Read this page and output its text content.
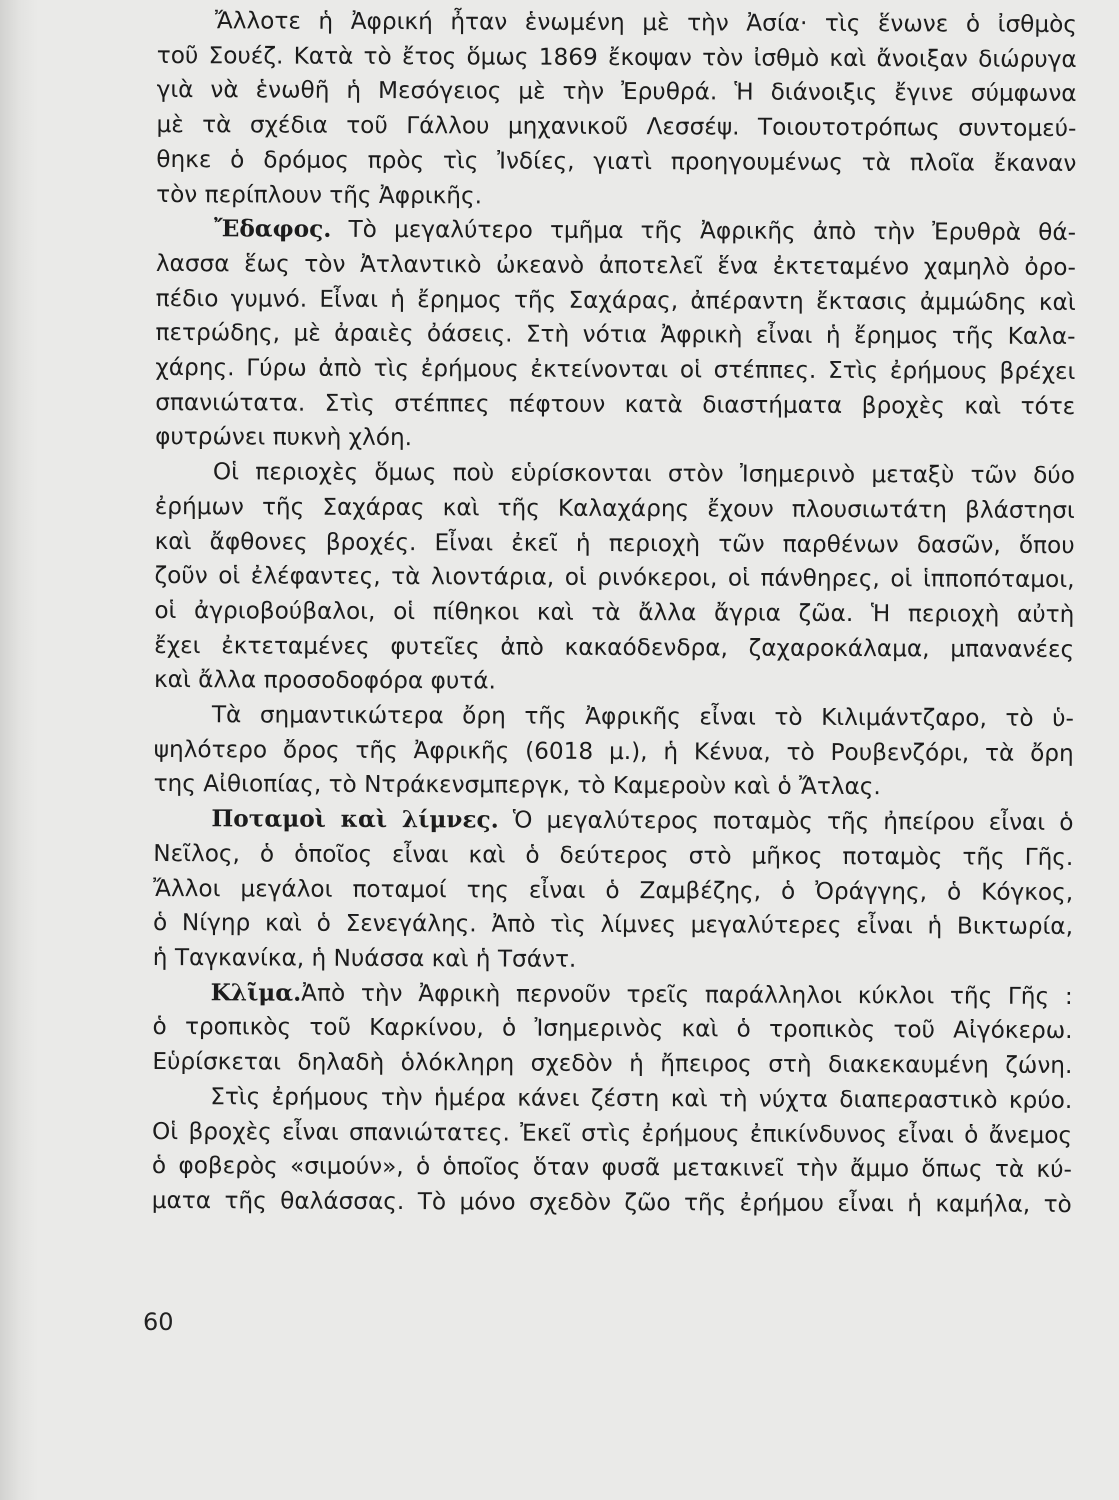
Ἄλλοτε ἡ Ἀφρική ἦταν ἑνωμένη μὲ τὴν Ἀσία· τὶς ἕνωνε ὁ ἰσθμὸς
τοῦ Σουέζ. Κατὰ τὸ ἔτος ὅμως 1869 ἔκοψαν τὸν ἰσθμὸ καὶ ἄνοιξαν διώρυγα
γιὰ νὰ ἑνωθῆ ἡ Μεσόγειος μὲ τὴν Ἐρυθρά. Ἡ διάνοιξις ἔγινε σύμφωνα
μὲ τὰ σχέδια τοῦ Γάλλου μηχανικοῦ Λεσσέψ. Τοιουτοτρόπως συντομεύ-
θηκε ὁ δρόμος πρὸς τὶς Ἰνδίες, γιατὶ προηγουμένως τὰ πλοῖα ἔκαναν
τὸν περίπλουν τῆς Ἀφρικῆς.
Ἔδαφος. Τὸ μεγαλύτερο τμῆμα τῆς Ἀφρικῆς ἀπὸ τὴν Ἐρυθρὰ θά-
λασσα ἕως τὸν Ἀτλαντικὸ ὠκεανὸ ἀποτελεῖ ἕνα ἐκτεταμένο χαμηλὸ ὀρο-
πέδιο γυμνό. Εἶναι ἡ ἔρημος τῆς Σαχάρας, ἀπέραντη ἔκτασις ἀμμώδης καὶ
πετρώδης, μὲ ἀραιὲς ὀάσεις. Στὴ νότια Ἀφρικὴ εἶναι ἡ ἔρημος τῆς Καλα-
χάρης. Γύρω ἀπὸ τὶς ἐρήμους ἐκτείνονται οἱ στέππες. Στὶς ἐρήμους βρέχει
σπανιώτατα. Στὶς στέππες πέφτουν κατὰ διαστήματα βροχὲς καὶ τότε
φυτρώνει πυκνὴ χλόη.
Οἱ περιοχὲς ὅμως ποὺ εὑρίσκονται στὸν Ἰσημερινὸ μεταξὺ τῶν δύο
ἐρήμων τῆς Σαχάρας καὶ τῆς Καλαχάρης ἔχουν πλουσιωτάτη βλάστησι
καὶ ἄφθονες βροχές. Εἶναι ἐκεῖ ἡ περιοχὴ τῶν παρθένων δασῶν, ὅπου
ζοῦν οἱ ἐλέφαντες, τὰ λιοντάρια, οἱ ρινόκεροι, οἱ πάνθηρες, οἱ ἱπποπόταμοι,
οἱ ἀγριοβούβαλοι, οἱ πίθηκοι καὶ τὰ ἄλλα ἄγρια ζῶα. Ἡ περιοχὴ αὐτὴ
ἔχει ἐκτεταμένες φυτεῖες ἀπὸ κακαόδενδρα, ζαχαροκάλαμα, μπανανέες
καὶ ἄλλα προσοδοφόρα φυτά.
Τὰ σημαντικώτερα ὄρη τῆς Ἀφρικῆς εἶναι τὸ Κιλιμάντζαρο, τὸ ὑ-
ψηλότερο ὄρος τῆς Ἀφρικῆς (6018 μ.), ἡ Κένυα, τὸ Ρουβενζόρι, τὰ ὄρη
της Αἰθιοπίας, τὸ Ντράκενσμπεργκ, τὸ Καμεροὺν καὶ ὁ Ἄτλας.
Ποταμοὶ καὶ λίμνες. Ὁ μεγαλύτερος ποταμὸς τῆς ἠπείρου εἶναι ὁ
Νεῖλος, ὁ ὁποῖος εἶναι καὶ ὁ δεύτερος στὸ μῆκος ποταμὸς τῆς Γῆς.
Ἄλλοι μεγάλοι ποταμοί της εἶναι ὁ Ζαμβέζης, ὁ Ὀράγγης, ὁ Κόγκος,
ὁ Νίγηρ καὶ ὁ Σενεγάλης. Ἀπὸ τὶς λίμνες μεγαλύτερες εἶναι ἡ Βικτωρία,
ἡ Ταγκανίκα, ἡ Νυάσσα καὶ ἡ Τσάντ.
Κλῖμα.Ἀπὸ τὴν Ἀφρικὴ περνοῦν τρεῖς παράλληλοι κύκλοι τῆς Γῆς :
ὁ τροπικὸς τοῦ Καρκίνου, ὁ Ἰσημερινὸς καὶ ὁ τροπικὸς τοῦ Αἰγόκερω.
Εὑρίσκεται δηλαδὴ ὁλόκληρη σχεδὸν ἡ ἤπειρος στὴ διακεκαυμένη ζώνη.
Στὶς ἐρήμους τὴν ἡμέρα κάνει ζέστη καὶ τὴ νύχτα διαπεραστικὸ κρύο.
Οἱ βροχὲς εἶναι σπανιώτατες. Ἐκεῖ στὶς ἐρήμους ἐπικίνδυνος εἶναι ὁ ἄνεμος
ὁ φοβερὸς «σιμούν», ὁ ὁποῖος ὅταν φυσᾶ μετακινεῖ τὴν ἄμμο ὅπως τὰ κύ-
ματα τῆς θαλάσσας. Τὸ μόνο σχεδὸν ζῶο τῆς ἐρήμου εἶναι ἡ καμήλα, τὸ
60
